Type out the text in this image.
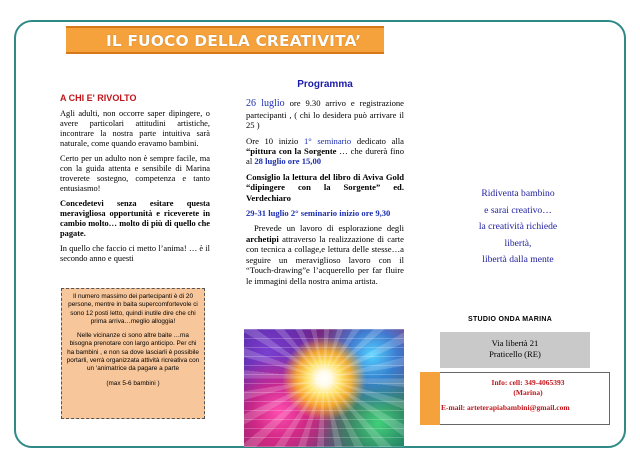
IL FUOCO DELLA CREATIVITA’
A CHI E' RIVOLTO

Agli adulti, non occorre saper dipingere, o avere particolari attitudini artistiche, incontrare la nostra parte intuitiva sarà naturale, come quando eravamo bambini.

Certo per un adulto non è sempre facile, ma con la guida attenta e sensibile di Marina troverete sostegno, competenza e tanto entusiasmo!

Concedetevi senza esitare questa meravigliosa opportunità e riceverete in cambio molto… molto di più di quello che pagate.

In quello che faccio ci metto l’anima! … è il secondo anno e questi

Il numero massimo dei partecipanti è di 20 persone, mentre in baita supercomfortevole ci sono 12 posti letto, quindi inutile dire che chi prima arriva…meglio alloggia!

Nelle vicinanze ci sono altre baite …ma bisogna prenotare con largo anticipo. Per chi ha bambini , e non sa dove lasciarli è possibile portarli, verrà organizzata attività ricreativa con un ‘animatrice da pagare a parte

(max 5-6 bambini )

Programma

26 luglio ore 9.30 arrivo e registrazione partecipanti , ( chi lo desidera può arrivare il 25 )

Ore 10 inizio 1° seminario dedicato alla “pittura con la Sorgente … che durerà fino al 28 luglio ore 15,00

Consiglio la lettura del libro di Aviva Gold “dipingere con la Sorgente” ed. Verdechiaro

29-31 luglio 2° seminario inizio ore 9,30

Prevede un lavoro di esplorazione degli archetipi attraverso la realizzazione di carte con tecnica a collage,e lettura delle stesse…a seguire un meraviglioso lavoro con il “Touch-drawing”e l’acquerello per far fluire le immagini della nostra anima artista.

Ridiventa bambino
e sarai creativo…
la creatività richiede
libertà,
libertà dalla mente
STUDIO ONDA MARINA
Via libertà 21
Praticello (RE)
Info: cell: 349-4065393
(Marina)
E-mail: arteterapiabambini@gmail.com
